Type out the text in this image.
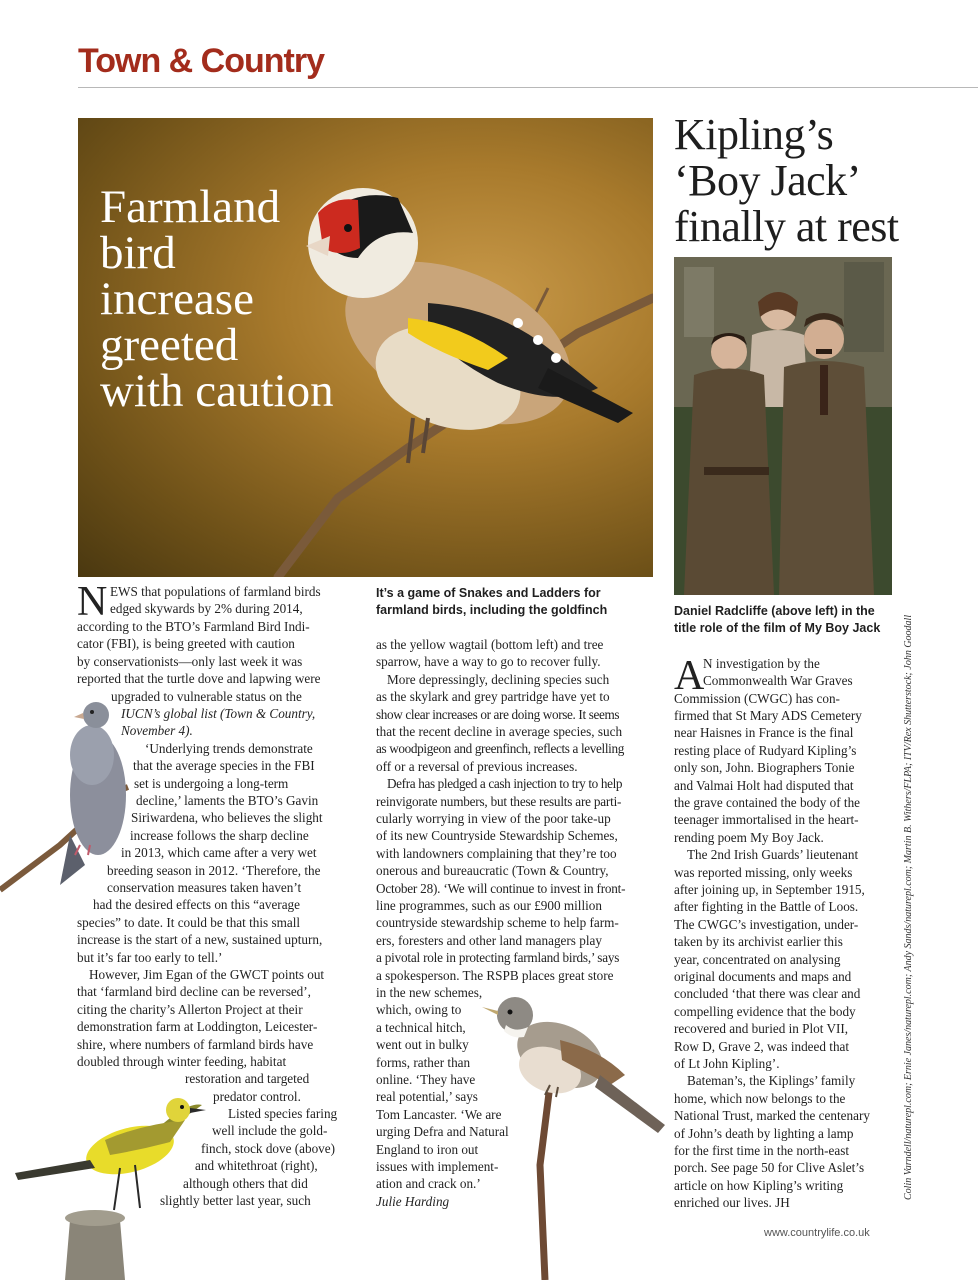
Town & Country
Farmland
bird
increase
greeted
with caution
Kipling’s
‘Boy Jack’
finally at rest
Daniel Radcliffe (above left) in the
title role of the film of My Boy Jack	Colin Varndell/naturepl.com; Ernie Janes/naturepl.com; Andy Sands/naturepl.com; Martin B. Withers/FLPA; ITV/Rex Shutterstock; John Goodall
It’s a game of Snakes and Ladders for
farmland birds, including the goldfinch
N EWS that populations of farmland birds
edged skywards by 2% during 2014,
according to the BTO’s Farmland Bird Indi-
cator (FBI), is being greeted with caution
by conservationists—only last week it was
reported that the turtle dove and lapwing were
upgraded to vulnerable status on the
IUCN’s global list (Town & Country,
November 4).
‘Underlying trends demonstrate
that the average species in the FBI
set is undergoing a long-term
decline,’ laments the BTO’s Gavin
Siriwardena, who believes the slight
increase follows the sharp decline
in 2013, which came after a very wet
breeding season in 2012. ‘Therefore, the
conservation measures taken haven’t
had the desired effects on this “average
species” to date. It could be that this small
increase is the start of a new, sustained upturn,
but it’s far too early to tell.’
However, Jim Egan of the GWCT points out
that ‘farmland bird decline can be reversed’,
citing the charity’s Allerton Project at their
demonstration farm at Loddington, Leicester-
shire, where numbers of farmland birds have
doubled through winter feeding, habitat
restoration and targeted
predator control.
Listed species faring
well include the gold-
finch, stock dove (above)
and whitethroat (right),
although others that did
slightly better last year, such
as the yellow wagtail (bottom left) and tree
sparrow, have a way to go to recover fully.
More depressingly, declining species such
as the skylark and grey partridge have yet to
show clear increases or are doing worse. It seems
that the recent decline in average species, such
as woodpigeon and greenfinch, reflects a levelling
off or a reversal of previous increases.
Defra has pledged a cash injection to try to help
reinvigorate numbers, but these results are parti-
cularly worrying in view of the poor take-up
of its new Countryside Stewardship Schemes,
with landowners complaining that they’re too
onerous and bureaucratic (Town & Country,
October 28). ‘We will continue to invest in front-
line programmes, such as our £900 million
countryside stewardship scheme to help farm-
ers, foresters and other land managers play
a pivotal role in protecting farmland birds,’ says
a spokesperson. The RSPB places great store
in the new schemes,
which, owing to
a technical hitch,
went out in bulky
forms, rather than
online. ‘They have
real potential,’ says
Tom Lancaster. ‘We are
urging Defra and Natural
England to iron out
issues with implement-
ation and crack on.’
Julie Harding
A
N investigation by the
Commonwealth War Graves
Commission (CWGC) has con-
firmed that St Mary ADS Cemetery
near Haisnes in France is the final
resting place of Rudyard Kipling’s
only son, John. Biographers Tonie
and Valmai Holt had disputed that
the grave contained the body of the
teenager immortalised in the heart-
rending poem My Boy Jack.
The 2nd Irish Guards’ lieutenant
was reported missing, only weeks
after joining up, in September 1915,
after fighting in the Battle of Loos.
The CWGC’s investigation, under-
taken by its archivist earlier this
year, concentrated on analysing
original documents and maps and
concluded ‘that there was clear and
compelling evidence that the body
recovered and buried in Plot VII,
Row D, Grave 2, was indeed that
of Lt John Kipling’.
Bateman’s, the Kiplings’ family
home, which now belongs to the
National Trust, marked the centenary
of John’s death by lighting a lamp
for the first time in the north-east
porch. See page 50 for Clive Aslet’s
article on how Kipling’s writing
enriched our lives. JH
www.countrylife.co.uk
